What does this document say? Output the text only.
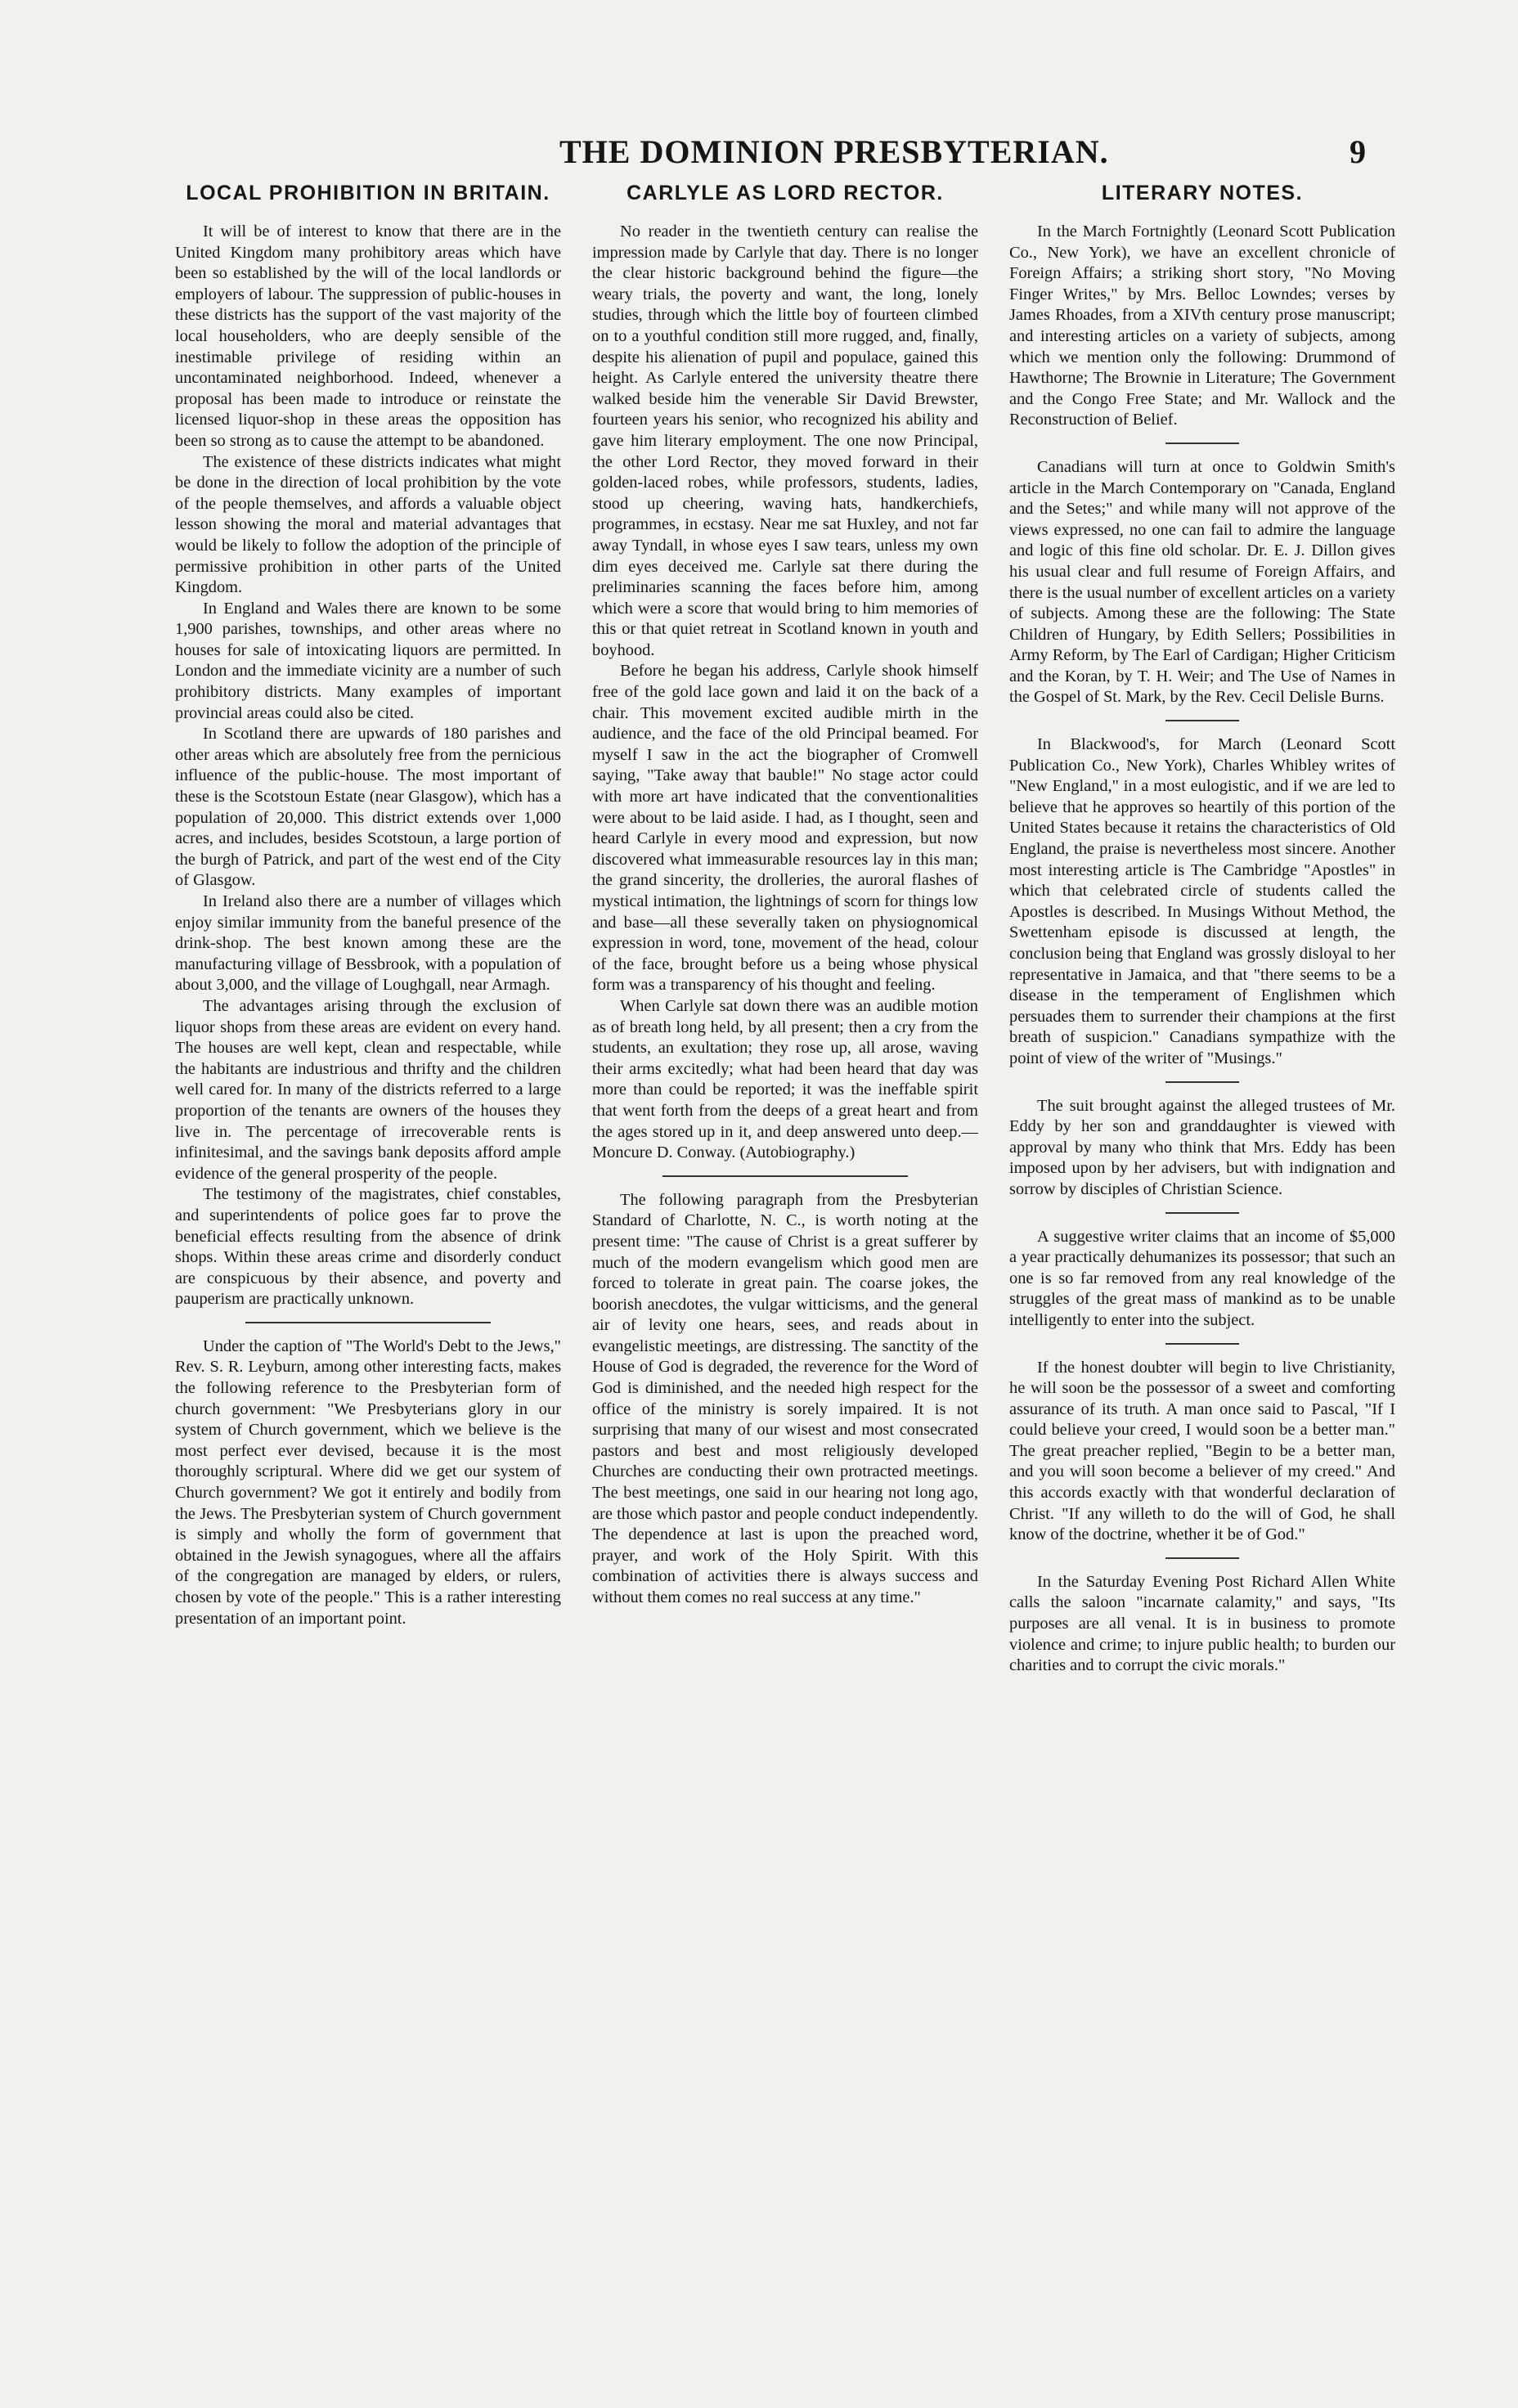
THE DOMINION PRESBYTERIAN.	9
LOCAL PROHIBITION IN BRITAIN.

It will be of interest to know that there are in the United Kingdom many prohibitory areas which have been so established by the will of the local landlords or employers of labour. The suppression of public-houses in these districts has the support of the vast majority of the local householders, who are deeply sensible of the inestimable privilege of residing within an uncontaminated neighborhood. Indeed, whenever a proposal has been made to introduce or reinstate the licensed liquor-shop in these areas the opposition has been so strong as to cause the attempt to be abandoned.

The existence of these districts indicates what might be done in the direction of local prohibition by the vote of the people themselves, and affords a valuable object lesson showing the moral and material advantages that would be likely to follow the adoption of the principle of permissive prohibition in other parts of the United Kingdom.

In England and Wales there are known to be some 1,900 parishes, townships, and other areas where no houses for sale of intoxicating liquors are permitted. In London and the immediate vicinity are a number of such prohibitory districts. Many examples of important provincial areas could also be cited.

In Scotland there are upwards of 180 parishes and other areas which are absolutely free from the pernicious influence of the public-house. The most important of these is the Scotstoun Estate (near Glasgow), which has a population of 20,000. This district extends over 1,000 acres, and includes, besides Scotstoun, a large portion of the burgh of Patrick, and part of the west end of the City of Glasgow.

In Ireland also there are a number of villages which enjoy similar immunity from the baneful presence of the drink-shop. The best known among these are the manufacturing village of Bessbrook, with a population of about 3,000, and the village of Loughgall, near Armagh.

The advantages arising through the exclusion of liquor shops from these areas are evident on every hand. The houses are well kept, clean and respectable, while the habitants are industrious and thrifty and the children well cared for. In many of the districts referred to a large proportion of the tenants are owners of the houses they live in. The percentage of irrecoverable rents is infinitesimal, and the savings bank deposits afford ample evidence of the general prosperity of the people.

The testimony of the magistrates, chief constables, and superintendents of police goes far to prove the beneficial effects resulting from the absence of drink shops. Within these areas crime and disorderly conduct are conspicuous by their absence, and poverty and pauperism are practically unknown.

Under the caption of "The World's Debt to the Jews," Rev. S. R. Leyburn, among other interesting facts, makes the following reference to the Presbyterian form of church government: "We Presbyterians glory in our system of Church government, which we believe is the most perfect ever devised, because it is the most thoroughly scriptural. Where did we get our system of Church government? We got it entirely and bodily from the Jews. The Presbyterian system of Church government is simply and wholly the form of government that obtained in the Jewish synagogues, where all the affairs of the congregation are managed by elders, or rulers, chosen by vote of the people." This is a rather interesting presentation of an important point.

CARLYLE AS LORD RECTOR.

No reader in the twentieth century can realise the impression made by Carlyle that day. There is no longer the clear historic background behind the figure—the weary trials, the poverty and want, the long, lonely studies, through which the little boy of fourteen climbed on to a youthful condition still more rugged, and, finally, despite his alienation of pupil and populace, gained this height. As Carlyle entered the university theatre there walked beside him the venerable Sir David Brewster, fourteen years his senior, who recognized his ability and gave him literary employment. The one now Principal, the other Lord Rector, they moved forward in their golden-laced robes, while professors, students, ladies, stood up cheering, waving hats, handkerchiefs, programmes, in ecstasy. Near me sat Huxley, and not far away Tyndall, in whose eyes I saw tears, unless my own dim eyes deceived me. Carlyle sat there during the preliminaries scanning the faces before him, among which were a score that would bring to him memories of this or that quiet retreat in Scotland known in youth and boyhood.

Before he began his address, Carlyle shook himself free of the gold lace gown and laid it on the back of a chair. This movement excited audible mirth in the audience, and the face of the old Principal beamed. For myself I saw in the act the biographer of Cromwell saying, "Take away that bauble!" No stage actor could with more art have indicated that the conventionalities were about to be laid aside. I had, as I thought, seen and heard Carlyle in every mood and expression, but now discovered what immeasurable resources lay in this man; the grand sincerity, the drolleries, the auroral flashes of mystical intimation, the lightnings of scorn for things low and base—all these severally taken on physiognomical expression in word, tone, movement of the head, colour of the face, brought before us a being whose physical form was a transparency of his thought and feeling.

When Carlyle sat down there was an audible motion as of breath long held, by all present; then a cry from the students, an exultation; they rose up, all arose, waving their arms excitedly; what had been heard that day was more than could be reported; it was the ineffable spirit that went forth from the deeps of a great heart and from the ages stored up in it, and deep answered unto deep.—Moncure D. Conway. (Autobiography.)

The following paragraph from the Presbyterian Standard of Charlotte, N. C., is worth noting at the present time: "The cause of Christ is a great sufferer by much of the modern evangelism which good men are forced to tolerate in great pain. The coarse jokes, the boorish anecdotes, the vulgar witticisms, and the general air of levity one hears, sees, and reads about in evangelistic meetings, are distressing. The sanctity of the House of God is degraded, the reverence for the Word of God is diminished, and the needed high respect for the office of the ministry is sorely impaired. It is not surprising that many of our wisest and most consecrated pastors and best and most religiously developed Churches are conducting their own protracted meetings. The best meetings, one said in our hearing not long ago, are those which pastor and people conduct independently. The dependence at last is upon the preached word, prayer, and work of the Holy Spirit. With this combination of activities there is always success and without them comes no real success at any time."

LITERARY NOTES.

In the March Fortnightly (Leonard Scott Publication Co., New York), we have an excellent chronicle of Foreign Affairs; a striking short story, "No Moving Finger Writes," by Mrs. Belloc Lowndes; verses by James Rhoades, from a XIVth century prose manuscript; and interesting articles on a variety of subjects, among which we mention only the following: Drummond of Hawthorne; The Brownie in Literature; The Government and the Congo Free State; and Mr. Wallock and the Reconstruction of Belief.

Canadians will turn at once to Goldwin Smith's article in the March Contemporary on "Canada, England and the Setes;" and while many will not approve of the views expressed, no one can fail to admire the language and logic of this fine old scholar. Dr. E. J. Dillon gives his usual clear and full resume of Foreign Affairs, and there is the usual number of excellent articles on a variety of subjects. Among these are the following: The State Children of Hungary, by Edith Sellers; Possibilities in Army Reform, by The Earl of Cardigan; Higher Criticism and the Koran, by T. H. Weir; and The Use of Names in the Gospel of St. Mark, by the Rev. Cecil Delisle Burns.

In Blackwood's, for March (Leonard Scott Publication Co., New York), Charles Whibley writes of "New England," in a most eulogistic, and if we are led to believe that he approves so heartily of this portion of the United States because it retains the characteristics of Old England, the praise is nevertheless most sincere. Another most interesting article is The Cambridge "Apostles" in which that celebrated circle of students called the Apostles is described. In Musings Without Method, the Swettenham episode is discussed at length, the conclusion being that England was grossly disloyal to her representative in Jamaica, and that "there seems to be a disease in the temperament of Englishmen which persuades them to surrender their champions at the first breath of suspicion." Canadians sympathize with the point of view of the writer of "Musings."

The suit brought against the alleged trustees of Mr. Eddy by her son and granddaughter is viewed with approval by many who think that Mrs. Eddy has been imposed upon by her advisers, but with indignation and sorrow by disciples of Christian Science.

A suggestive writer claims that an income of $5,000 a year practically dehumanizes its possessor; that such an one is so far removed from any real knowledge of the struggles of the great mass of mankind as to be unable intelligently to enter into the subject.

If the honest doubter will begin to live Christianity, he will soon be the possessor of a sweet and comforting assurance of its truth. A man once said to Pascal, "If I could believe your creed, I would soon be a better man." The great preacher replied, "Begin to be a better man, and you will soon become a believer of my creed." And this accords exactly with that wonderful declaration of Christ. "If any willeth to do the will of God, he shall know of the doctrine, whether it be of God."

In the Saturday Evening Post Richard Allen White calls the saloon "incarnate calamity," and says, "Its purposes are all venal. It is in business to promote violence and crime; to injure public health; to burden our charities and to corrupt the civic morals."
